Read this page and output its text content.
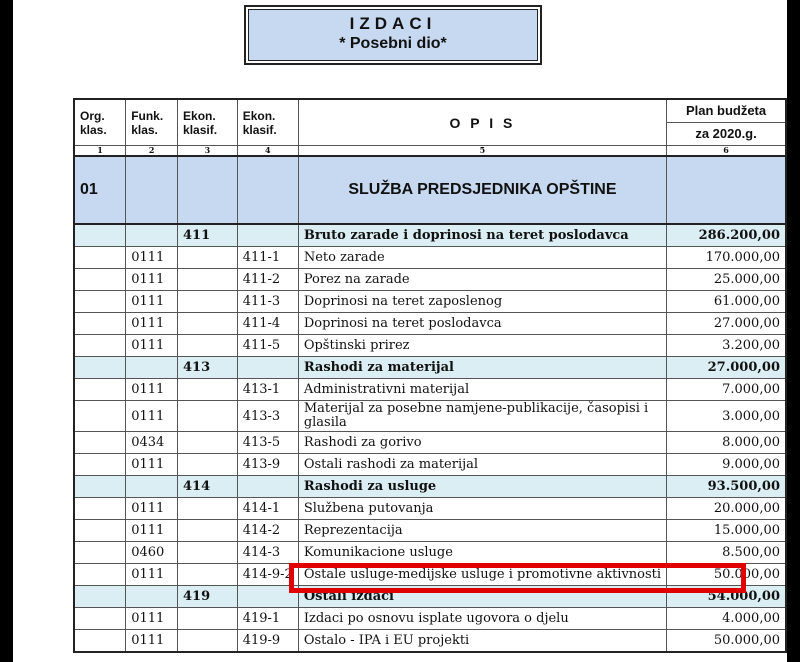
IZDACI
* Posebni dio*
Org. klas.	Funk. klas.	Ekon. klasif.	Ekon. klasif.	O P I S	Plan budžeta
					za 2020.g.
1	2	3	4	5	6
01				SLUŽBA PREDSJEDNIKA OPŠTINE	
		411		Bruto zarade i doprinosi na teret poslodavca	286.200,00
	0111		411-1	Neto zarade	170.000,00
	0111		411-2	Porez na zarade	25.000,00
	0111		411-3	Doprinosi na teret zaposlenog	61.000,00
	0111		411-4	Doprinosi na teret poslodavca	27.000,00
	0111		411-5	Opštinski prirez	3.200,00
		413		Rashodi za materijal	27.000,00
	0111		413-1	Administrativni materijal	7.000,00
	0111		413-3	Materijal za posebne namjene-publikacije, časopisi i glasila	3.000,00
	0434		413-5	Rashodi za gorivo	8.000,00
	0111		413-9	Ostali rashodi za materijal	9.000,00
		414		Rashodi za usluge	93.500,00
	0111		414-1	Službena putovanja	20.000,00
	0111		414-2	Reprezentacija	15.000,00
	0460		414-3	Komunikacione usluge	8.500,00
	0111		414-9-2	Ostale usluge-medijske usluge i promotivne aktivnosti	50.000,00
		419		Ostali izdaci	54.000,00
	0111		419-1	Izdaci po osnovu isplate ugovora o djelu	4.000,00
	0111		419-9	Ostalo - IPA i EU projekti	50.000,00
